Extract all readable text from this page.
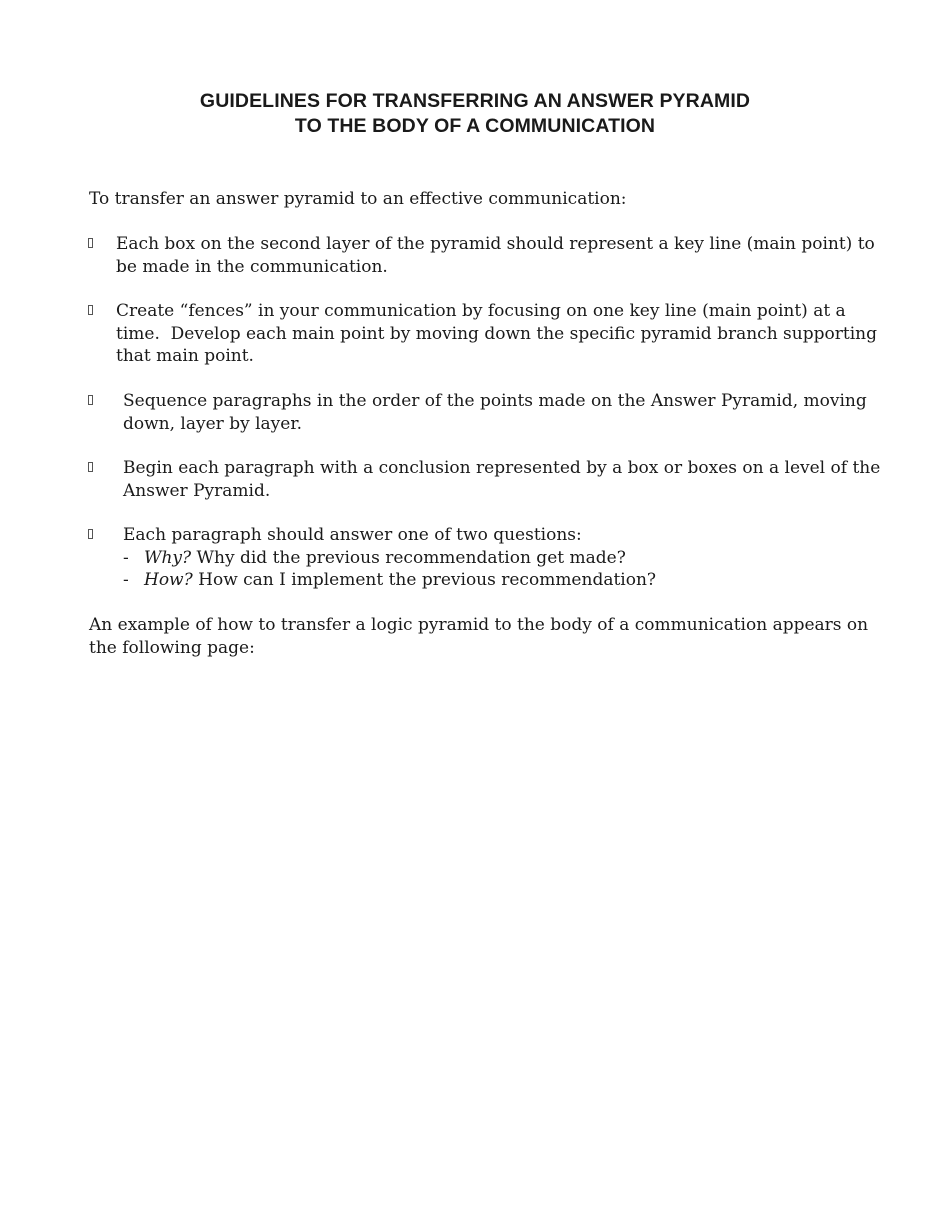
GUIDELINES FOR TRANSFERRING AN ANSWER PYRAMID
TO THE BODY OF A COMMUNICATION
To transfer an answer pyramid to an effective communication:
Each box on the second layer of the pyramid should represent a key line (main point) to
be made in the communication.
Create “fences” in your communication by focusing on one key line (main point) at a
time.  Develop each main point by moving down the specific pyramid branch supporting
that main point.
Sequence paragraphs in the order of the points made on the Answer Pyramid, moving
down, layer by layer.
Begin each paragraph with a conclusion represented by a box or boxes on a level of the
Answer Pyramid.
Each paragraph should answer one of two questions:
- Why? Why did the previous recommendation get made?
- How? How can I implement the previous recommendation?
An example of how to transfer a logic pyramid to the body of a communication appears on
the following page:
